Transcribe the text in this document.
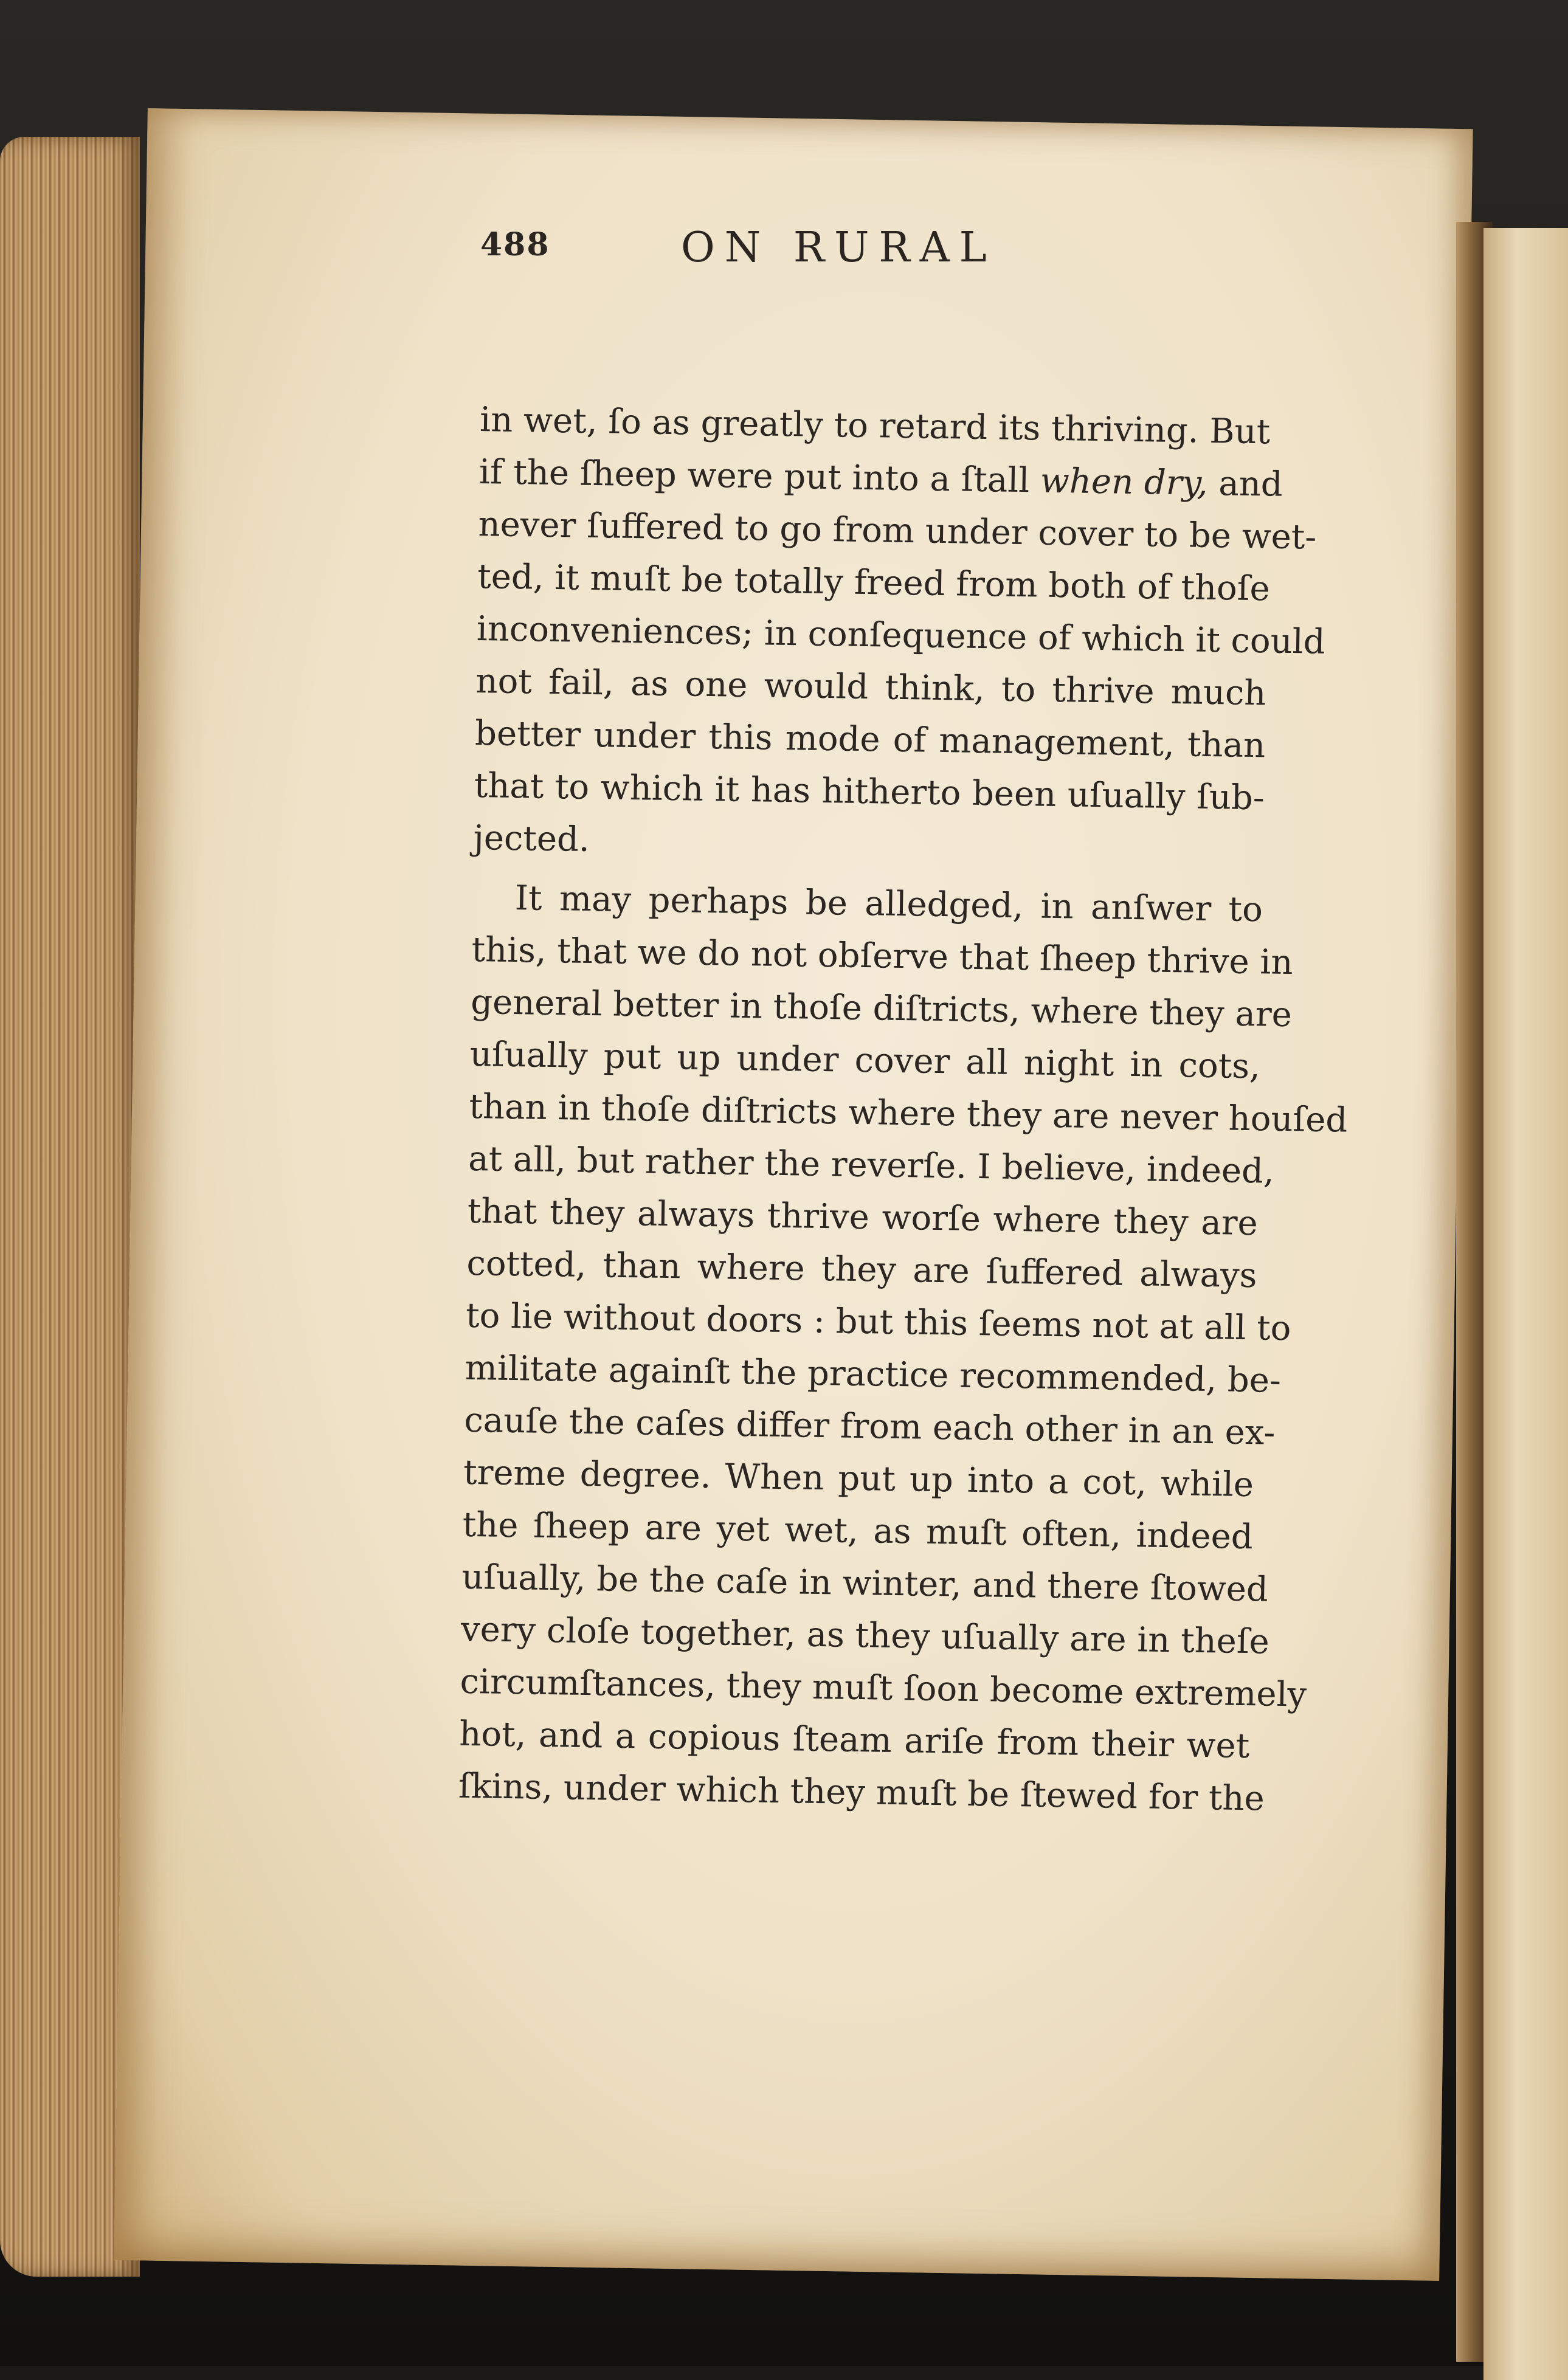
488	ON RURAL
in wet, ſo as greatly to retard its thriving. But
if the ſheep were put into a ſtall when dry, and
never ſuffered to go from under cover to be wet-
ted, it muſt be totally freed from both of thoſe
inconveniences; in conſequence of which it could
not fail, as one would think, to thrive much
better under this mode of management, than
that to which it has hitherto been uſually ſub-
jected.
It may perhaps be alledged, in anſwer to
this, that we do not obſerve that ſheep thrive in
general better in thoſe diſtricts, where they are
uſually put up under cover all night in cots,
than in thoſe diſtricts where they are never houſed
at all, but rather the reverſe. I believe, indeed,
that they always thrive worſe where they are
cotted, than where they are ſuffered always
to lie without doors : but this ſeems not at all to
militate againſt the practice recommended, be-
cauſe the caſes differ from each other in an ex-
treme degree. When put up into a cot, while
the ſheep are yet wet, as muſt often, indeed
uſually, be the caſe in winter, and there ſtowed
very cloſe together, as they uſually are in theſe
circumſtances, they muſt ſoon become extremely
hot, and a copious ſteam ariſe from their wet
ſkins, under which they muſt be ſtewed for the
